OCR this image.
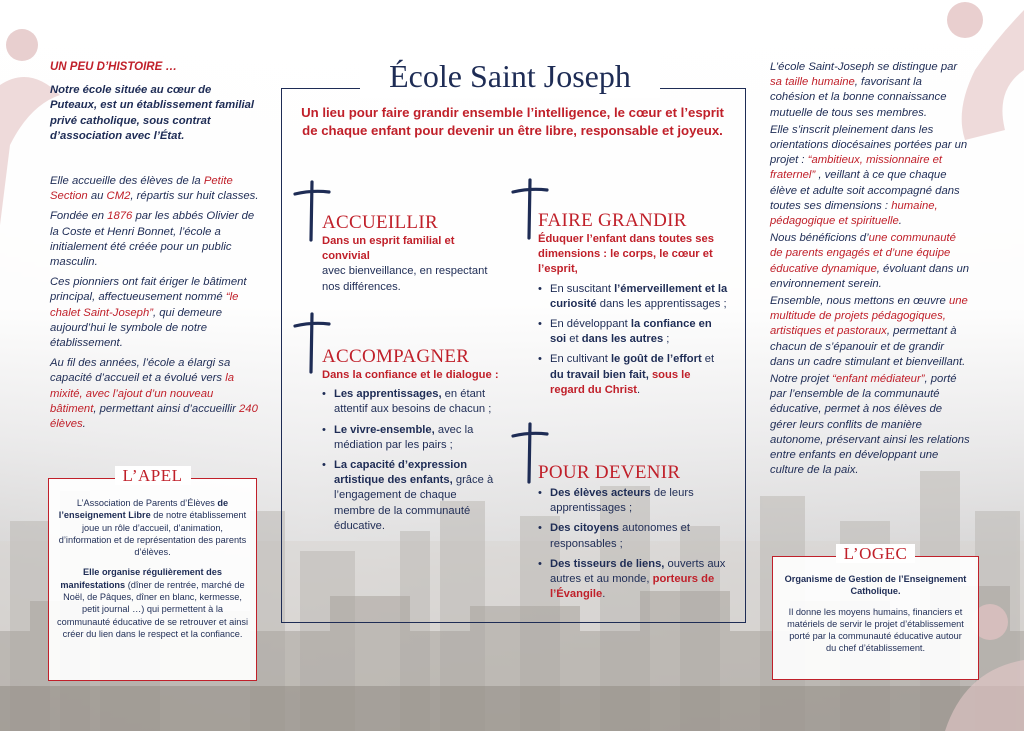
UN PEU D’HISTOIRE …

Notre école située au cœur de Puteaux, est un établissement familial privé catholique, sous contrat d’association avec l’État.

Elle accueille des élèves de la Petite Section au CM2, répartis sur huit classes.

Fondée en 1876 par les abbés Olivier de la Coste et Henri Bonnet, l’école a initialement été créée pour un public masculin.

Ces pionniers ont fait ériger le bâtiment principal, affectueusement nommé “le chalet Saint-Joseph”, qui demeure aujourd’hui le symbole de notre établissement.

Au fil des années, l’école a élargi sa capacité d’accueil et a évolué vers la mixité, avec l’ajout d’un nouveau bâtiment, permettant ainsi d’accueillir 240 élèves.

L’APEL

L’Association de Parents d’Élèves de l’enseignement Libre de notre établissement joue un rôle d’accueil, d’animation, d’information et de représentation des parents d’élèves.

Elle organise régulièrement des manifestations (dîner de rentrée, marché de Noël, de Pâques, dîner en blanc, kermesse, petit journal …) qui permettent à la communauté éducative de se retrouver et ainsi créer du lien dans le respect et la confiance.

École Saint Joseph
Un lieu pour faire grandir ensemble l’intelligence, le cœur et l’esprit de chaque enfant pour devenir un être libre, responsable et joyeux.
ACCUEILLIR
Dans un esprit familial et convivial
avec bienveillance, en respectant nos différences.
ACCOMPAGNER
Dans la confiance et le dialogue :
• Les apprentissages, en étant attentif aux besoins de chacun ;
• Le vivre-ensemble, avec la médiation par les pairs ;
• La capacité d’expression artistique des enfants, grâce à l’engagement de chaque membre de la communauté éducative.
FAIRE GRANDIR
Éduquer l’enfant dans toutes ses dimensions : le corps, le cœur et l’esprit,
• En suscitant l’émerveillement et la curiosité dans les apprentissages ;
• En développant la confiance en soi et dans les autres ;
• En cultivant le goût de l’effort et du travail bien fait, sous le regard du Christ.
POUR DEVENIR
• Des élèves acteurs de leurs apprentissages ;
• Des citoyens autonomes et responsables ;
• Des tisseurs de liens, ouverts aux autres et au monde, porteurs de l’Évangile.

L’école Saint-Joseph se distingue par sa taille humaine, favorisant la cohésion et la bonne connaissance mutuelle de tous ses membres.

Elle s’inscrit pleinement dans les orientations diocésaines portées par un projet : “ambitieux, missionnaire et fraternel” , veillant à ce que chaque élève et adulte soit accompagné dans toutes ses dimensions : humaine, pédagogique et spirituelle.

Nous bénéficions d’une communauté de parents engagés et d’une équipe éducative dynamique, évoluant dans un environnement serein.

Ensemble, nous mettons en œuvre une multitude de projets pédagogiques, artistiques et pastoraux, permettant à chacun de s’épanouir et de grandir dans un cadre stimulant et bienveillant.

Notre projet “enfant médiateur”, porté par l’ensemble de la communauté éducative, permet à nos élèves de gérer leurs conflits de manière autonome, préservant ainsi les relations entre enfants en développant une culture de la paix.

L’OGEC

Organisme de Gestion de l’Enseignement Catholique.

Il donne les moyens humains, financiers et matériels de servir le projet d’établissement porté par la communauté éducative autour du chef d’établissement.
